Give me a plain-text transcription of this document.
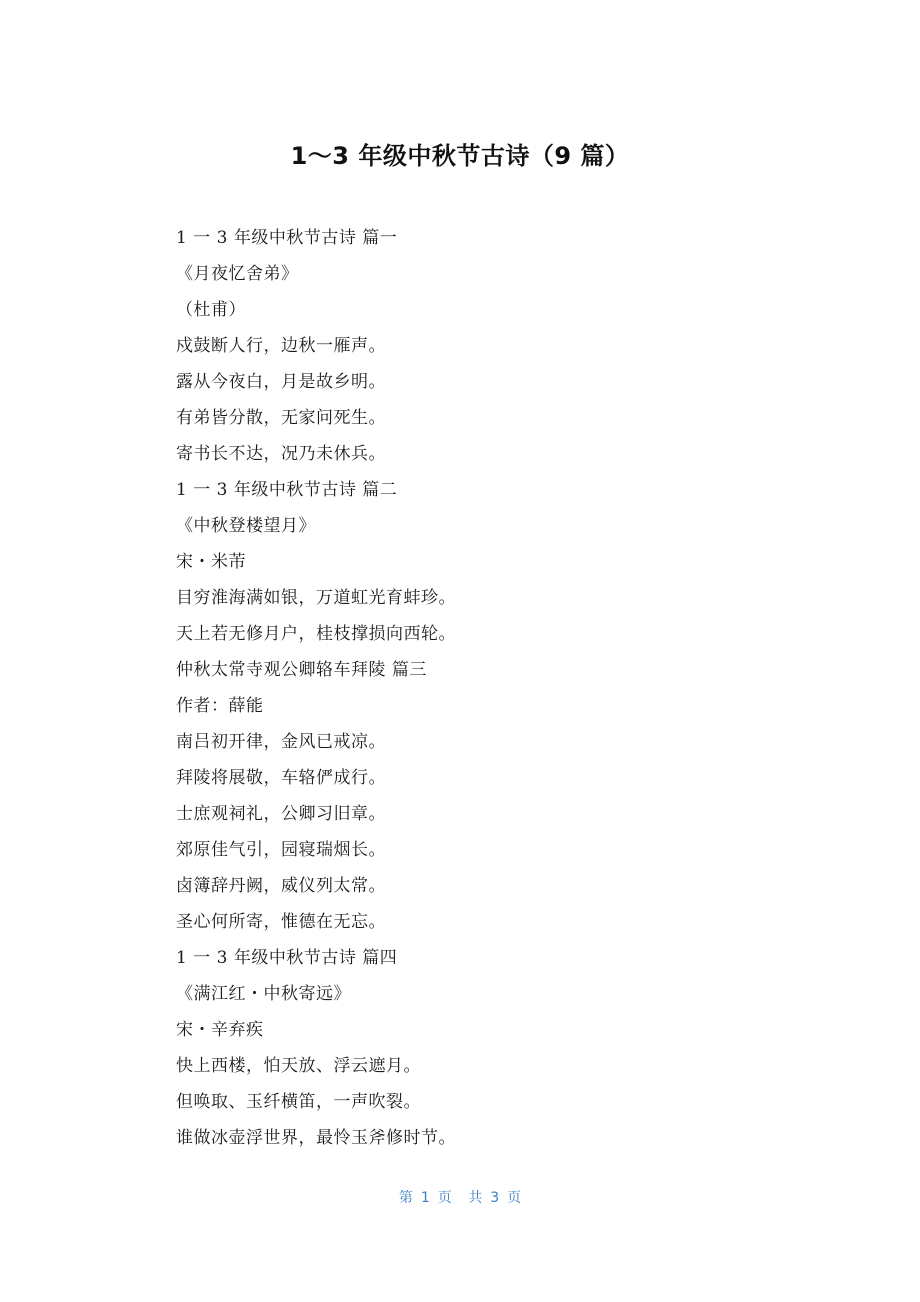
1～3 年级中秋节古诗（9 篇）
1 一 3 年级中秋节古诗 篇一
《月夜忆舍弟》
（杜甫）
戍鼓断人行，边秋一雁声。
露从今夜白，月是故乡明。
有弟皆分散，无家问死生。
寄书长不达，况乃未休兵。
1 一 3 年级中秋节古诗 篇二
《中秋登楼望月》
宋・米芾
目穷淮海满如银，万道虹光育蚌珍。
天上若无修月户，桂枝撑损向西轮。
仲秋太常寺观公卿辂车拜陵 篇三
作者：薛能
南吕初开律，金风已戒凉。
拜陵将展敬，车辂俨成行。
士庶观祠礼，公卿习旧章。
郊原佳气引，园寝瑞烟长。
卤簿辞丹阙，威仪列太常。
圣心何所寄，惟德在无忘。
1 一 3 年级中秋节古诗 篇四
《满江红・中秋寄远》
宋・辛弃疾
快上西楼，怕天放、浮云遮月。
但唤取、玉纤横笛，一声吹裂。
谁做冰壶浮世界，最怜玉斧修时节。
第 1 页 共 3 页
